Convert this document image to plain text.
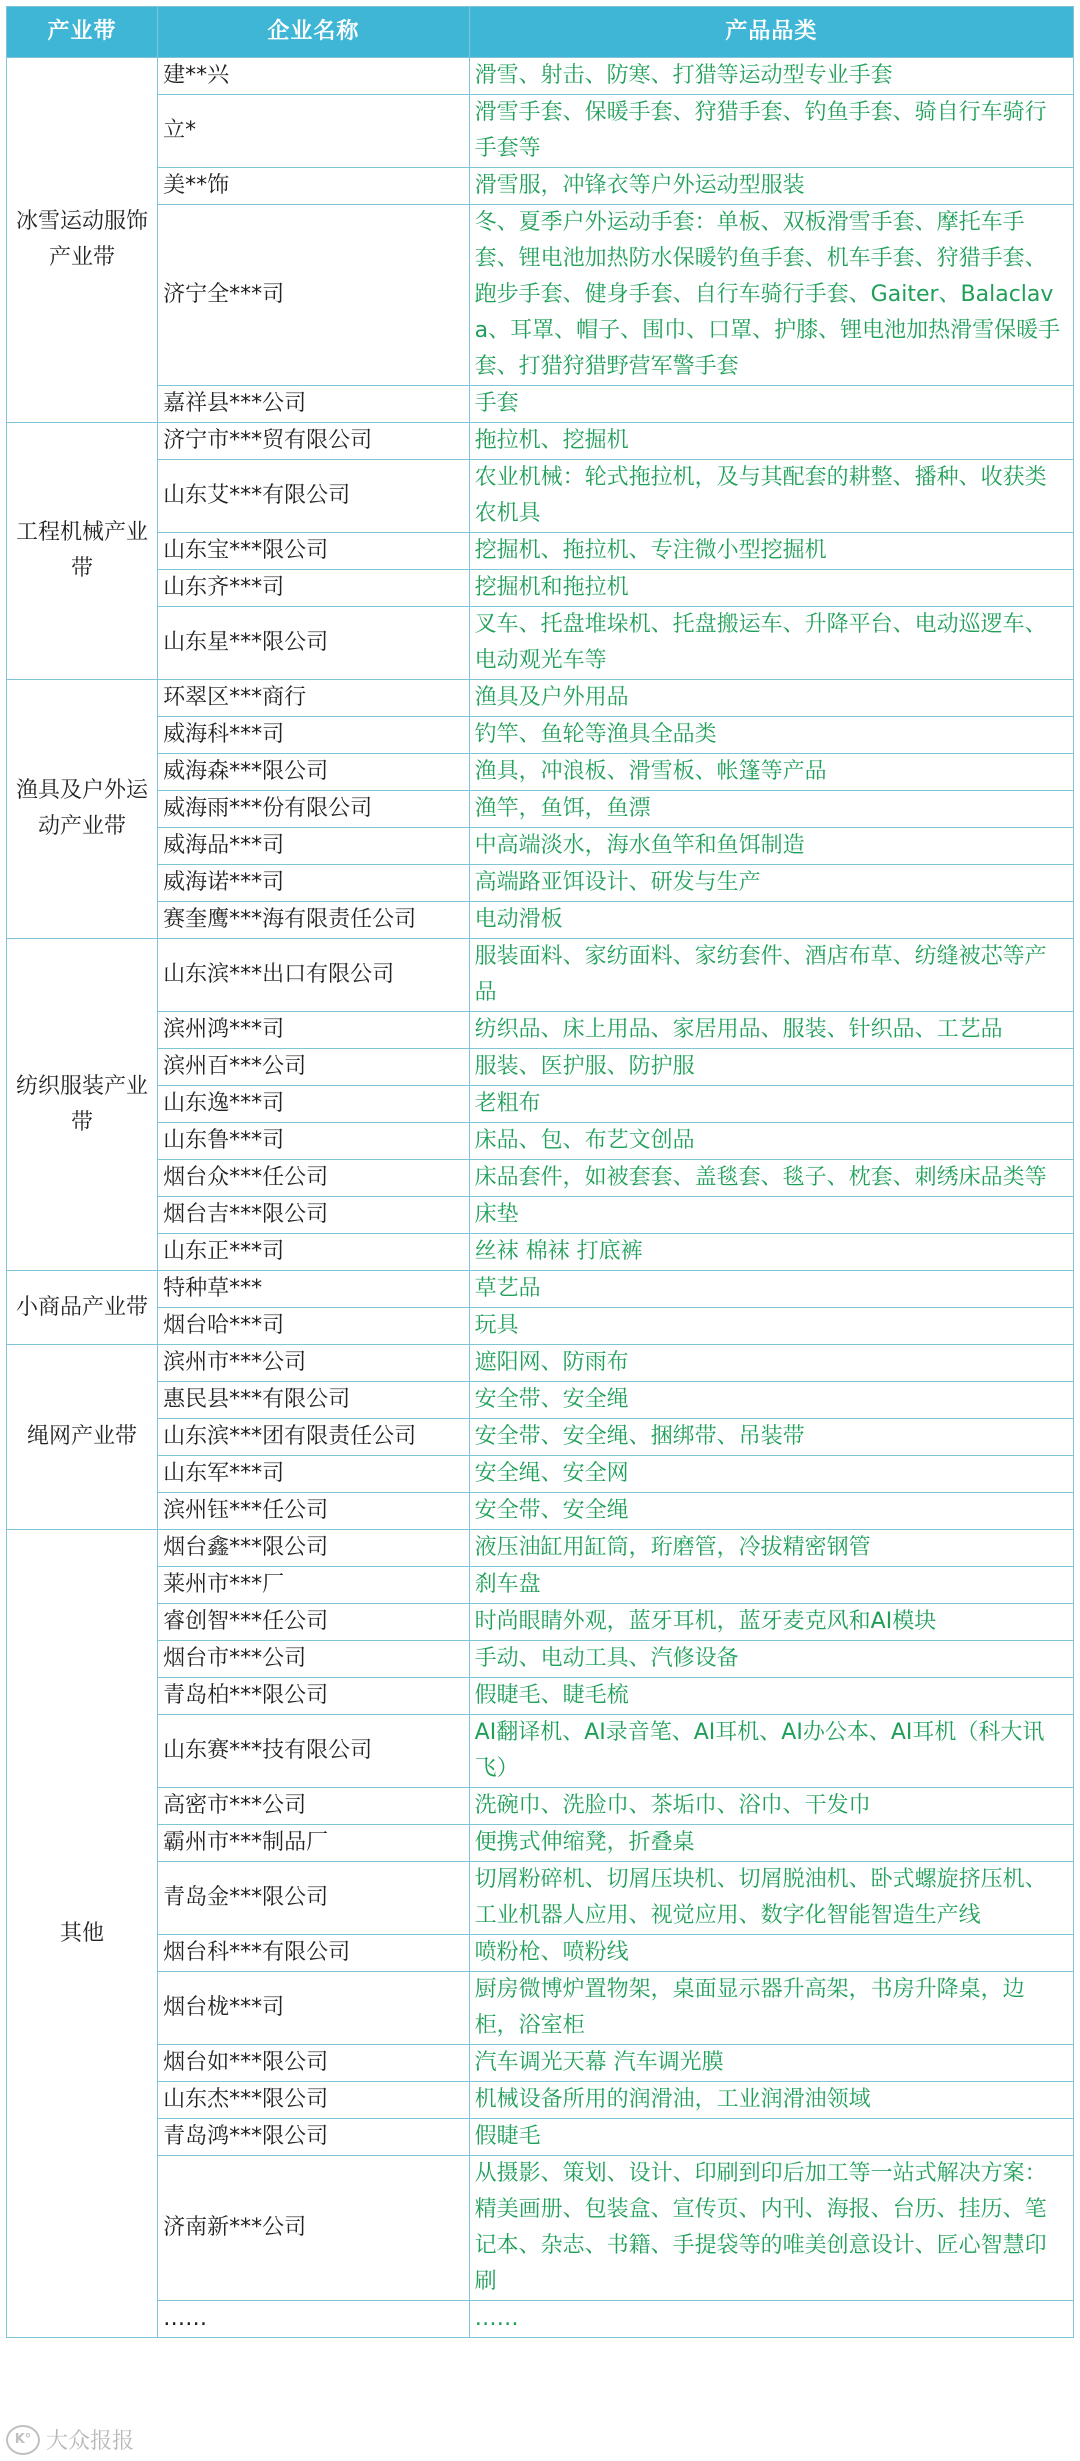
产业带	企业名称	产品品类
冰雪运动服饰产业带	建**兴	滑雪、射击、防寒、打猎等运动型专业手套
	立*	滑雪手套、保暖手套、狩猎手套、钓鱼手套、骑自行车骑行手套等
	美**饰	滑雪服，冲锋衣等户外运动型服装
	济宁全***司	冬、夏季户外运动手套：单板、双板滑雪手套、摩托车手套、锂电池加热防水保暖钓鱼手套、机车手套、狩猎手套、跑步手套、健身手套、自行车骑行手套、Gaiter、Balaclava、耳罩、帽子、围巾、口罩、护膝、锂电池加热滑雪保暖手套、打猎狩猎野营军警手套
	嘉祥县***公司	手套
工程机械产业带	济宁市***贸有限公司	拖拉机、挖掘机
	山东艾***有限公司	农业机械：轮式拖拉机，及与其配套的耕整、播种、收获类农机具
	山东宝***限公司	挖掘机、拖拉机、专注微小型挖掘机
	山东齐***司	挖掘机和拖拉机
	山东星***限公司	叉车、托盘堆垛机、托盘搬运车、升降平台、电动巡逻车、电动观光车等
渔具及户外运动产业带	环翠区***商行	渔具及户外用品
	威海科***司	钓竿、鱼轮等渔具全品类
	威海森***限公司	渔具，冲浪板、滑雪板、帐篷等产品
	威海雨***份有限公司	渔竿，鱼饵，鱼漂
	威海品***司	中高端淡水，海水鱼竿和鱼饵制造
	威海诺***司	高端路亚饵设计、研发与生产
	赛奎鹰***海有限责任公司	电动滑板
纺织服装产业带	山东滨***出口有限公司	服装面料、家纺面料、家纺套件、酒店布草、纺缝被芯等产品
	滨州鸿***司	纺织品、床上用品、家居用品、服装、针织品、工艺品
	滨州百***公司	服装、医护服、防护服
	山东逸***司	老粗布
	山东鲁***司	床品、包、布艺文创品
	烟台众***任公司	床品套件，如被套套、盖毯套、毯子、枕套、刺绣床品类等
	烟台吉***限公司	床垫
	山东正***司	丝袜 棉袜 打底裤
小商品产业带	特种草***	草艺品
	烟台哈***司	玩具
绳网产业带	滨州市***公司	遮阳网、防雨布
	惠民县***有限公司	安全带、安全绳
	山东滨***团有限责任公司	安全带、安全绳、捆绑带、吊装带
	山东军***司	安全绳、安全网
	滨州钰***任公司	安全带、安全绳
其他	烟台鑫***限公司	液压油缸用缸筒，珩磨管，冷拔精密钢管
	莱州市***厂	刹车盘
	睿创智***任公司	时尚眼睛外观，蓝牙耳机，蓝牙麦克风和AI模块
	烟台市***公司	手动、电动工具、汽修设备
	青岛柏***限公司	假睫毛、睫毛梳
	山东赛***技有限公司	AI翻译机、AI录音笔、AI耳机、AI办公本、AI耳机（科大讯飞）
	高密市***公司	洗碗巾、洗脸巾、茶垢巾、浴巾、干发巾
	霸州市***制品厂	便携式伸缩凳，折叠桌
	青岛金***限公司	切屑粉碎机、切屑压块机、切屑脱油机、卧式螺旋挤压机、工业机器人应用、视觉应用、数字化智能智造生产线
	烟台科***有限公司	喷粉枪、喷粉线
	烟台栊***司	厨房微博炉置物架，桌面显示器升高架，书房升降桌，边柜，浴室柜
	烟台如***限公司	汽车调光天幕 汽车调光膜
	山东杰***限公司	机械设备所用的润滑油，工业润滑油领域
	青岛鸿***限公司	假睫毛
	济南新***公司	从摄影、策划、设计、印刷到印后加工等一站式解决方案：精美画册、包装盒、宣传页、内刊、海报、台历、挂历、笔记本、杂志、书籍、手提袋等的唯美创意设计、匠心智慧印刷
	……	……
K° 大众报报
